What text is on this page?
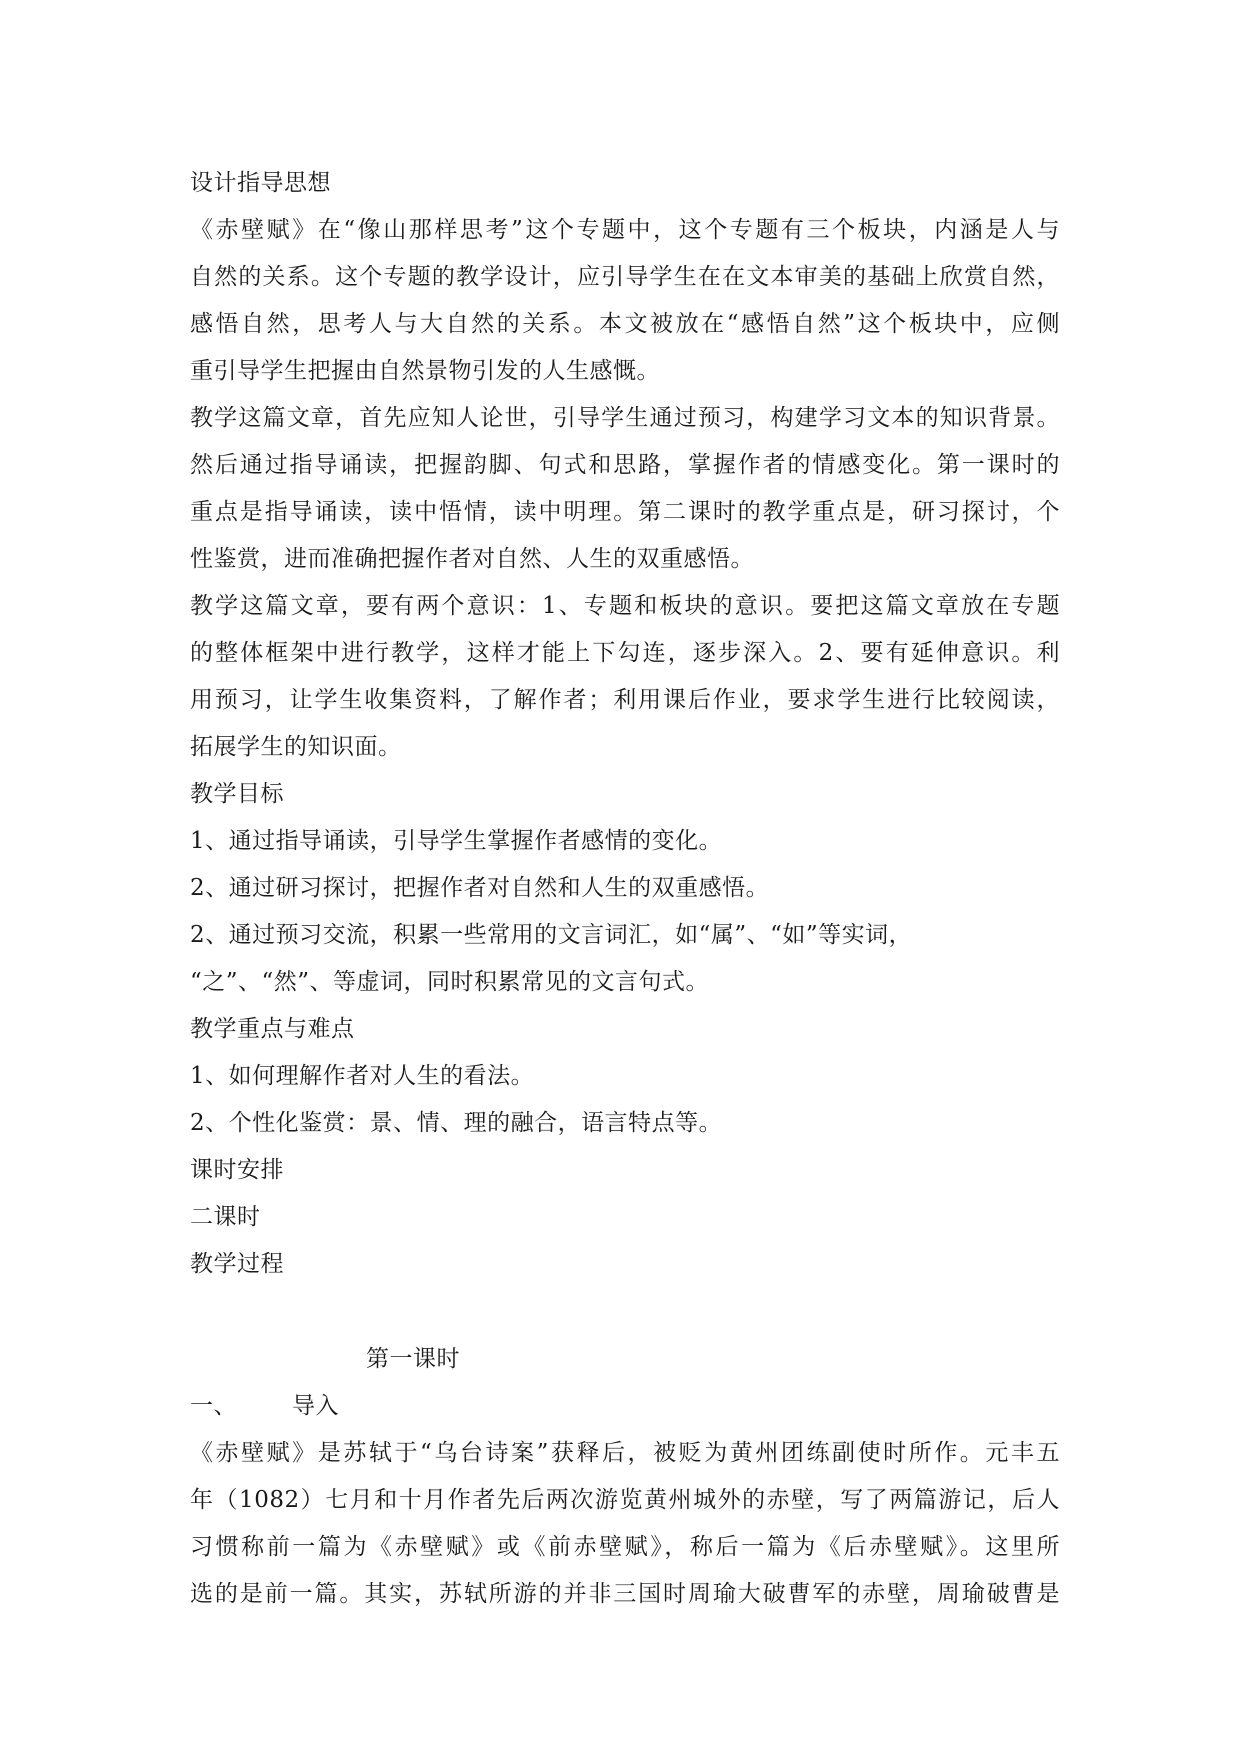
设计指导思想
《赤壁赋》在“像山那样思考”这个专题中，这个专题有三个板块，内涵是人与
自然的关系。这个专题的教学设计，应引导学生在在文本审美的基础上欣赏自然，
感悟自然，思考人与大自然的关系。本文被放在“感悟自然”这个板块中，应侧
重引导学生把握由自然景物引发的人生感慨。
教学这篇文章，首先应知人论世，引导学生通过预习，构建学习文本的知识背景。
然后通过指导诵读，把握韵脚、句式和思路，掌握作者的情感变化。第一课时的
重点是指导诵读，读中悟情，读中明理。第二课时的教学重点是，研习探讨，个
性鉴赏，进而准确把握作者对自然、人生的双重感悟。
教学这篇文章，要有两个意识：1、专题和板块的意识。要把这篇文章放在专题
的整体框架中进行教学，这样才能上下勾连，逐步深入。2、要有延伸意识。利
用预习，让学生收集资料，了解作者；利用课后作业，要求学生进行比较阅读，
拓展学生的知识面。
教学目标
1、通过指导诵读，引导学生掌握作者感情的变化。
2、通过研习探讨，把握作者对自然和人生的双重感悟。
2、通过预习交流，积累一些常用的文言词汇，如“属”、“如”等实词，
“之”、“然”、等虚词，同时积累常见的文言句式。
教学重点与难点
1、如何理解作者对人生的看法。
2、个性化鉴赏：景、情、理的融合，语言特点等。
课时安排
二课时
教学过程
第一课时
一、	导入
《赤壁赋》是苏轼于“乌台诗案”获释后，被贬为黄州团练副使时所作。元丰五
年（1082）七月和十月作者先后两次游览黄州城外的赤壁，写了两篇游记，后人
习惯称前一篇为《赤壁赋》或《前赤壁赋》，称后一篇为《后赤壁赋》。这里所
选的是前一篇。其实，苏轼所游的并非三国时周瑜大破曹军的赤壁，周瑜破曹是
